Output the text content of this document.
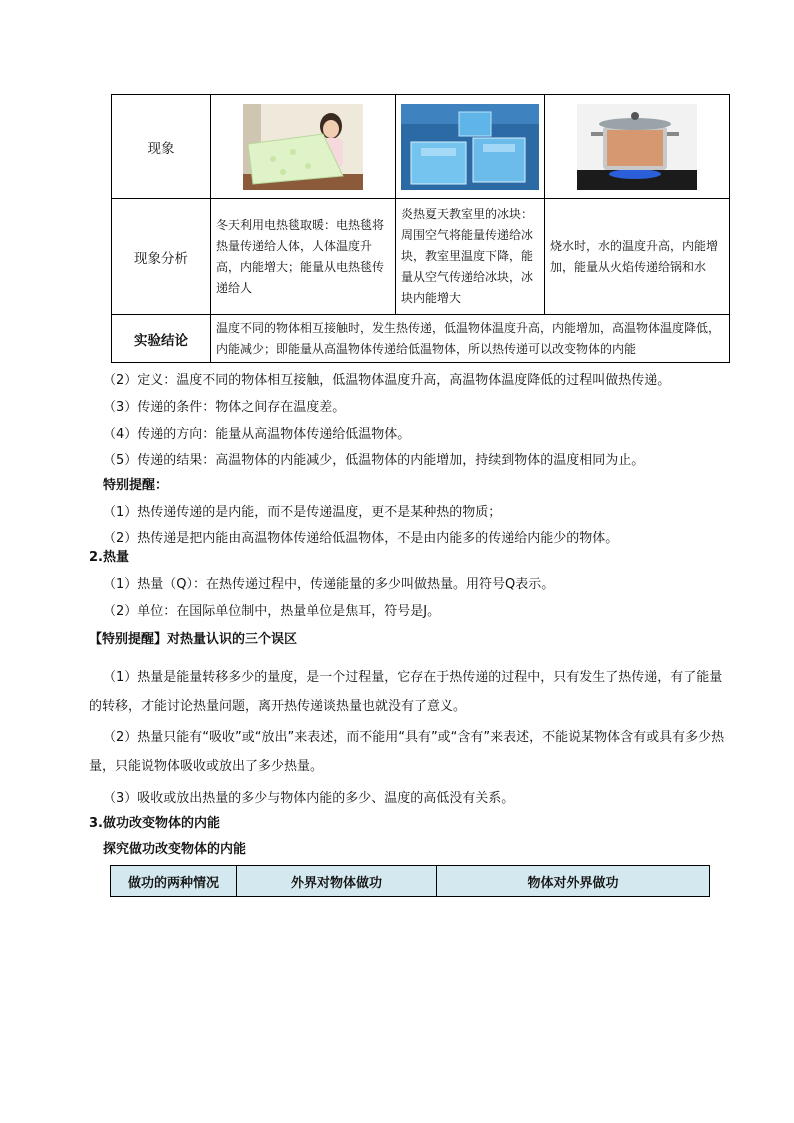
现象	

现象分析	冬天利用电热毯取暖：电热毯将热量传递给人体，人体温度升高，内能增大；能量从电热毯传递给人	炎热夏天教室里的冰块：周围空气将能量传递给冰块，教室里温度下降，能量从空气传递给冰块，冰块内能增大	烧水时，水的温度升高，内能增加，能量从火焰传递给锅和水
实验结论	温度不同的物体相互接触时，发生热传递，低温物体温度升高，内能增加，高温物体温度降低，内能减少；即能量从高温物体传递给低温物体，所以热传递可以改变物体的内能		
（2）定义：温度不同的物体相互接触，低温物体温度升高，高温物体温度降低的过程叫做热传递。
（3）传递的条件：物体之间存在温度差。
（4）传递的方向：能量从高温物体传递给低温物体。
（5）传递的结果：高温物体的内能减少，低温物体的内能增加，持续到物体的温度相同为止。
特别提醒：
（1）热传递传递的是内能，而不是传递温度，更不是某种热的物质；
（2）热传递是把内能由高温物体传递给低温物体，不是由内能多的传递给内能少的物体。
2.热量
（1）热量（Q）：在热传递过程中，传递能量的多少叫做热量。用符号Q表示。
（2）单位：在国际单位制中，热量单位是焦耳，符号是J。
【特别提醒】对热量认识的三个误区
（1）热量是能量转移多少的量度，是一个过程量，它存在于热传递的过程中，只有发生了热传递，有了能量的转移，才能讨论热量问题，离开热传递谈热量也就没有了意义。
（2）热量只能有“吸收”或“放出”来表述，而不能用“具有”或“含有”来表述，不能说某物体含有或具有多少热量，只能说物体吸收或放出了多少热量。
（3）吸收或放出热量的多少与物体内能的多少、温度的高低没有关系。
3.做功改变物体的内能
探究做功改变物体的内能
做功的两种情况	外界对物体做功	物体对外界做功
